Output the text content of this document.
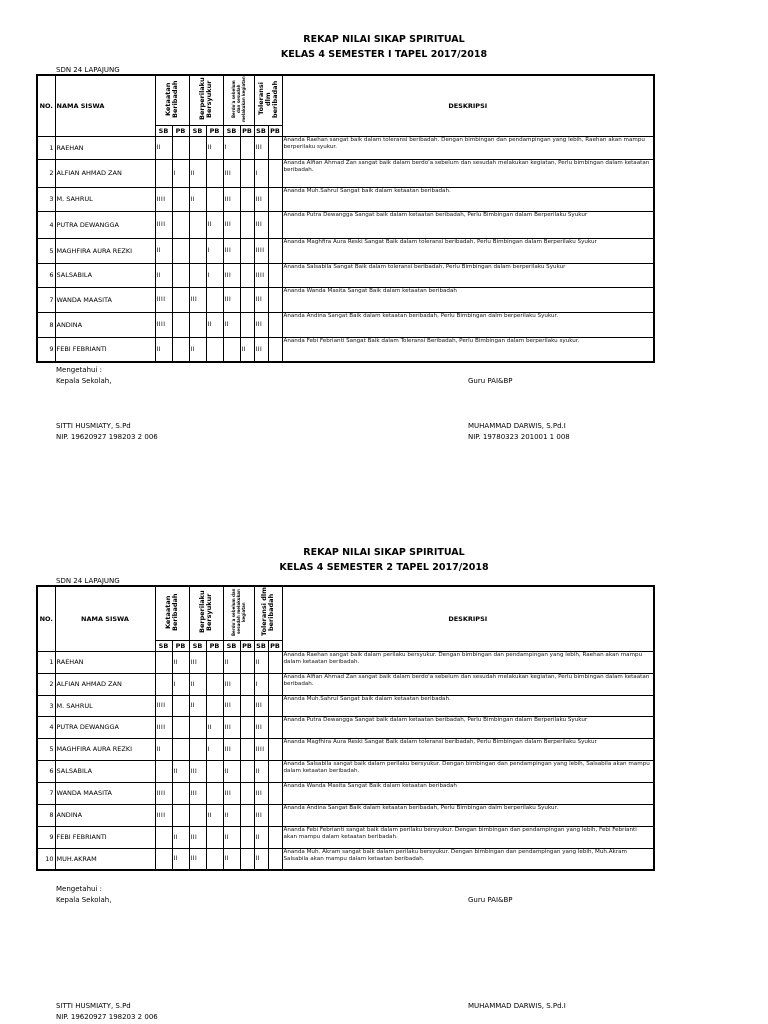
REKAP NILAI SIKAP SPIRITUAL
KELAS 4 SEMESTER I TAPEL 2017/2018
SDN 24 LAPAJUNG
NO.	NAMA SISWA	Ketaatan Beribadah		Berperilaku Bersyukur		Berdo'a sebelum dan sesudah melakukan kegiatan		Toleransi dlm beribadah		DESKRIPSI
		SB	PB	SB	PB	SB	PB	SB	PB	
1	RAEHAN	II			II	I		III		Ananda Raehan sangat baik dalam toleransi beribadah. Dengan bimbingan dan pendampingan yang lebih, Raehan akan mampu berperilaku syukur.
2	ALFIAN AHMAD ZAN		I	II		III		I		Ananda Alfian Ahmad Zan sangat baik dalam berdo'a sebelum dan sesudah melakukan kegiatan, Perlu bimbingan dalam ketaatan beribadah.
3	M. SAHRUL	IIII		II		III		III		Ananda Muh.Sahrul Sangat baik dalam ketaatan beribadah.
4	PUTRA DEWANGGA	IIII			II	III		III		Ananda Putra Dewangga Sangat baik dalam ketaatan beribadah, Perlu Bimbingan dalam Berperilaku Syukur
5	MAGHFIRA AURA REZKI	II			I	III		IIII		Ananda Maghfira Aura Reski Sangat Baik dalam toleransi beribadah, Perlu Bimbingan dalam Berperilaku Syukur
6	SALSABILA	II			I	III		IIII		Ananda Salsabila Sangat Baik dalam toleransi beribadah, Perlu Bimbingan dalam berperilaku Syukur
7	WANDA MAASITA	IIII		III		III		III		Ananda Wanda Masita Sangat Baik dalam ketaatan beribadah
8	ANDINA	IIII			II	II		III		Ananda Andina Sangat Baik dalam ketaatan beribadah, Perlu Bimbingan dalm berperilaku Syukur.
9	FEBI FEBRIANTI	II		II			II	III		Ananda Febi Febrianti Sangat Baik dalam Toleransi Beribadah, Perlu Bimbingan dalam berperilaku syukur.
Mengetahui :
Kepala Sekolah,	Guru PAI&BP
SITTI HUSMIATY, S.Pd
NIP. 19620927 198203 2 006
MUHAMMAD DARWIS, S.Pd.I
NIP. 19780323 201001 1 008
REKAP NILAI SIKAP SPIRITUAL
KELAS 4 SEMESTER 2 TAPEL 2017/2018
SDN 24 LAPAJUNG
NO.	NAMA SISWA	Ketaatan Beribadah		Berperilaku Bersyukur		Berdo'a sebelum dan sesudah melakukan kegiatan		Toleransi dlm beribadah		DESKRIPSI
		SB	PB	SB	PB	SB	PB	SB	PB	
1	RAEHAN		II	III		II		II		Ananda Raehan sangat baik dalam perilaku bersyukur. Dengan bimbingan dan pendampingan yang lebih, Raehan akan mampu dalam ketaatan beribadah.
2	ALFIAN AHMAD ZAN		I	II		III		I		Ananda Alfian Ahmad Zan sangat baik dalam berdo'a sebelum dan sesudah melakukan kegiatan, Perlu bimbingan dalam ketaatan beribadah.
3	M. SAHRUL	IIII		II		III		III		Ananda Muh.Sahrul Sangat baik dalam ketaatan beribadah.
4	PUTRA DEWANGGA	IIII			II	III		III		Ananda Putra Dewangga Sangat baik dalam ketaatan beribadah, Perlu Bimbingan dalam Berperilaku Syukur
5	MAGHFIRA AURA REZKI	II			I	III		IIII		Ananda Magfhira Aura Reski Sangat Baik dalam toleransi beribadah, Perlu Bimbingan dalam Berperilaku Syukur
6	SALSABILA		II	III		II		II		Ananda Salsabila sangat baik dalam perilaku bersyukur. Dengan bimbingan dan pendampingan yang lebih, Salsabila akan mampu dalam ketaatan beribadah.
7	WANDA MAASITA	IIII		III		III		III		Ananda Wanda Masita Sangat Baik dalam ketaatan beribadah
8	ANDINA	IIII			II	II		III		Ananda Andina Sangat Baik dalam ketaatan beribadah, Perlu Bimbingan dalm berperilaku Syukur.
9	FEBI FEBRIANTI		II	III		II		II		Ananda Febi Febrianti sangat baik dalam perilaku bersyukur. Dengan bimbingan dan pendampingan yang lebih, Febi Febrianti akan mampu dalam ketaatan beribadah.
10	MUH.AKRAM		II	III		II		II		Ananda Muh. Akram sangat baik dalam perilaku bersyukur. Dengan bimbingan dan pendampingan yang lebih, Muh.Akram Salsabila akan mampu dalam ketaatan beribadah.
Mengetahui :
Kepala Sekolah,	Guru PAI&BP
SITTI HUSMIATY, S.Pd
NIP. 19620927 198203 2 006
MUHAMMAD DARWIS, S.Pd.I
